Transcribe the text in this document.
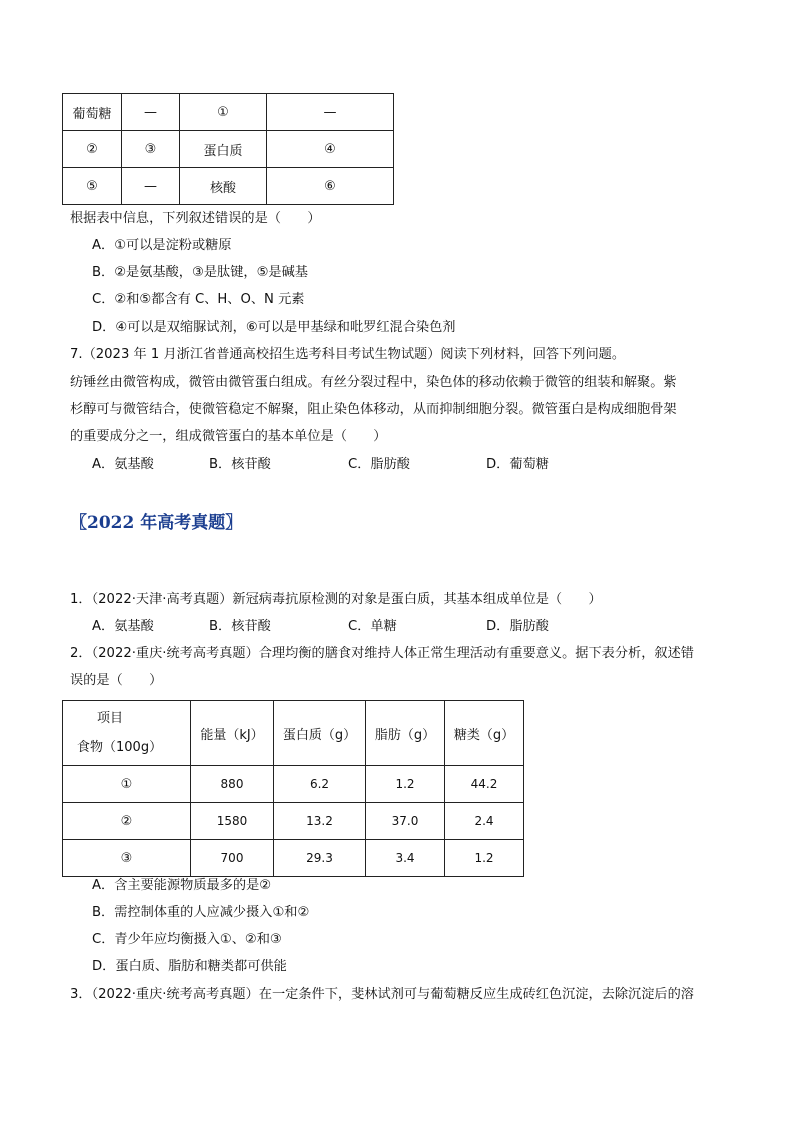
葡萄糖	—	①	—
②	③	蛋白质	④
⑤	—	核酸	⑥
根据表中信息，下列叙述错误的是（　　）
A．①可以是淀粉或糖原
B．②是氨基酸，③是肽键，⑤是碱基
C．②和⑤都含有 C、H、O、N 元素
D．④可以是双缩脲试剂，⑥可以是甲基绿和吡罗红混合染色剂
7.（2023 年 1 月浙江省普通高校招生选考科目考试生物试题）阅读下列材料，回答下列问题。
纺锤丝由微管构成，微管由微管蛋白组成。有丝分裂过程中，染色体的移动依赖于微管的组装和解聚。紫
杉醇可与微管结合，使微管稳定不解聚，阻止染色体移动，从而抑制细胞分裂。微管蛋白是构成细胞骨架
的重要成分之一，组成微管蛋白的基本单位是（　　）
A．氨基酸	B．核苷酸	C．脂肪酸	D．葡萄糖
〖2022 年高考真题〗
1．（2022·天津·高考真题）新冠病毒抗原检测的对象是蛋白质，其基本组成单位是（　　）
A．氨基酸	B．核苷酸	C．单糖	D．脂肪酸
2．（2022·重庆·统考高考真题）合理均衡的膳食对维持人体正常生理活动有重要意义。据下表分析，叙述错
误的是（　　）
项目
食物（100g）	能量（kJ）	蛋白质（g）	脂肪（g）	糖类（g）
①	880	6.2	1.2	44.2
②	1580	13.2	37.0	2.4
③	700	29.3	3.4	1.2
A．含主要能源物质最多的是②
B．需控制体重的人应减少摄入①和②
C．青少年应均衡摄入①、②和③
D．蛋白质、脂肪和糖类都可供能
3．（2022·重庆·统考高考真题）在一定条件下，斐林试剂可与葡萄糖反应生成砖红色沉淀，去除沉淀后的溶
